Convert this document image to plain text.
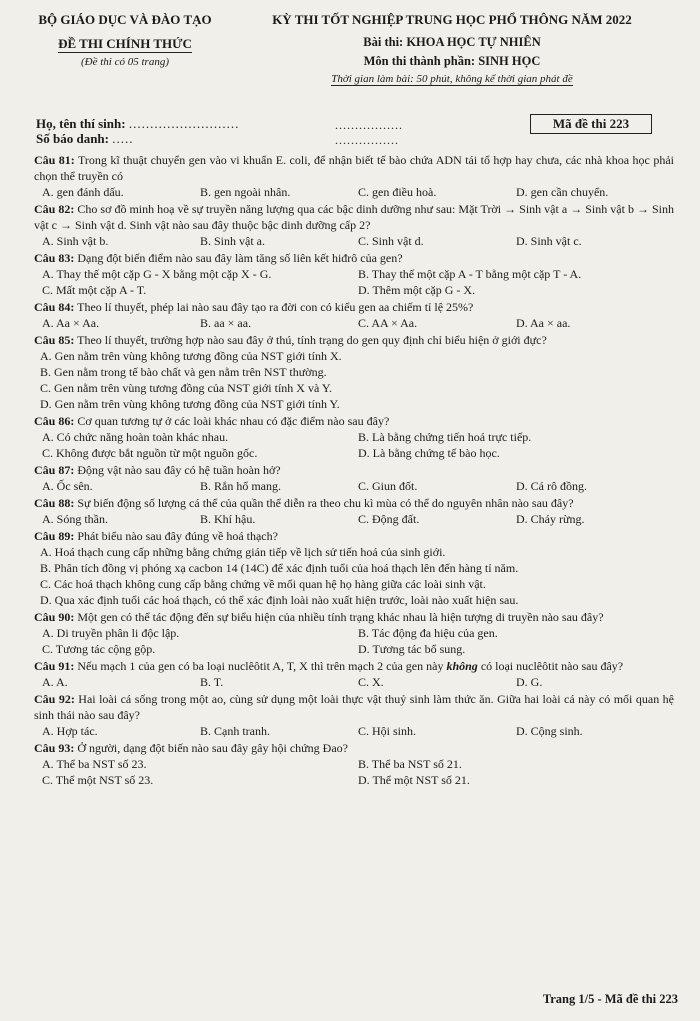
BỘ GIÁO DỤC VÀ ĐÀO TẠO
ĐỀ THI CHÍNH THỨC
(Đề thi có 05 trang)
KỲ THI TỐT NGHIỆP TRUNG HỌC PHỔ THÔNG NĂM 2022
Bài thi: KHOA HỌC TỰ NHIÊN
Môn thi thành phần: SINH HỌC
Thời gian làm bài: 50 phút, không kể thời gian phát đề
Họ, tên thí sinh: ..........................
Số báo danh: .....
.................
................
Mã đề thi 223
Câu 81: Trong kĩ thuật chuyển gen vào vi khuẩn E. coli, để nhận biết tế bào chứa ADN tái tổ hợp hay chưa, các nhà khoa học phải chọn thể truyền có
A. gen đánh dấu.	B. gen ngoài nhân.	C. gen điều hoà.	D. gen cần chuyển.
Câu 82: Cho sơ đồ minh hoạ về sự truyền năng lượng qua các bậc dinh dưỡng như sau: Mặt Trời → Sinh vật a → Sinh vật b → Sinh vật c → Sinh vật d. Sinh vật nào sau đây thuộc bậc dinh dưỡng cấp 2?
A. Sinh vật b.	B. Sinh vật a.	C. Sinh vật d.	D. Sinh vật c.
Câu 83: Dạng đột biến điểm nào sau đây làm tăng số liên kết hiđrô của gen?
A. Thay thế một cặp G - X bằng một cặp X - G.	B. Thay thế một cặp A - T bằng một cặp T - A.
C. Mất một cặp A - T.	D. Thêm một cặp G - X.
Câu 84: Theo lí thuyết, phép lai nào sau đây tạo ra đời con có kiểu gen aa chiếm tỉ lệ 25%?
A. Aa × Aa.	B. aa × aa.	C. AA × Aa.	D. Aa × aa.
Câu 85: Theo lí thuyết, trường hợp nào sau đây ở thú, tính trạng do gen quy định chỉ biểu hiện ở giới đực?
A. Gen nằm trên vùng không tương đồng của NST giới tính X.
B. Gen nằm trong tế bào chất và gen nằm trên NST thường.
C. Gen nằm trên vùng tương đồng của NST giới tính X và Y.
D. Gen nằm trên vùng không tương đồng của NST giới tính Y.
Câu 86: Cơ quan tương tự ở các loài khác nhau có đặc điểm nào sau đây?
A. Có chức năng hoàn toàn khác nhau.	B. Là bằng chứng tiến hoá trực tiếp.
C. Không được bắt nguồn từ một nguồn gốc.	D. Là bằng chứng tế bào học.
Câu 87: Động vật nào sau đây có hệ tuần hoàn hở?
A. Ốc sên.	B. Rắn hổ mang.	C. Giun đốt.	D. Cá rô đồng.
Câu 88: Sự biến động số lượng cá thể của quần thể diễn ra theo chu kì mùa có thể do nguyên nhân nào sau đây?
A. Sóng thần.	B. Khí hậu.	C. Động đất.	D. Cháy rừng.
Câu 89: Phát biểu nào sau đây đúng về hoá thạch?
A. Hoá thạch cung cấp những bằng chứng gián tiếp về lịch sử tiến hoá của sinh giới.
B. Phân tích đồng vị phóng xạ cacbon 14 (14C) để xác định tuổi của hoá thạch lên đến hàng tỉ năm.
C. Các hoá thạch không cung cấp bằng chứng về mối quan hệ họ hàng giữa các loài sinh vật.
D. Qua xác định tuổi các hoá thạch, có thể xác định loài nào xuất hiện trước, loài nào xuất hiện sau.
Câu 90: Một gen có thể tác động đến sự biểu hiện của nhiều tính trạng khác nhau là hiện tượng di truyền nào sau đây?
A. Di truyền phân li độc lập.	B. Tác động đa hiệu của gen.
C. Tương tác cộng gộp.	D. Tương tác bổ sung.
Câu 91: Nếu mạch 1 của gen có ba loại nuclêôtit A, T, X thì trên mạch 2 của gen này không có loại nuclêôtit nào sau đây?
A. A.	B. T.	C. X.	D. G.
Câu 92: Hai loài cá sống trong một ao, cùng sử dụng một loài thực vật thuỷ sinh làm thức ăn. Giữa hai loài cá này có mối quan hệ sinh thái nào sau đây?
A. Hợp tác.	B. Cạnh tranh.	C. Hội sinh.	D. Cộng sinh.
Câu 93: Ở người, dạng đột biến nào sau đây gây hội chứng Đao?
A. Thể ba NST số 23.	B. Thể ba NST số 21.
C. Thể một NST số 23.	D. Thể một NST số 21.
Trang 1/5 - Mã đề thi 223
